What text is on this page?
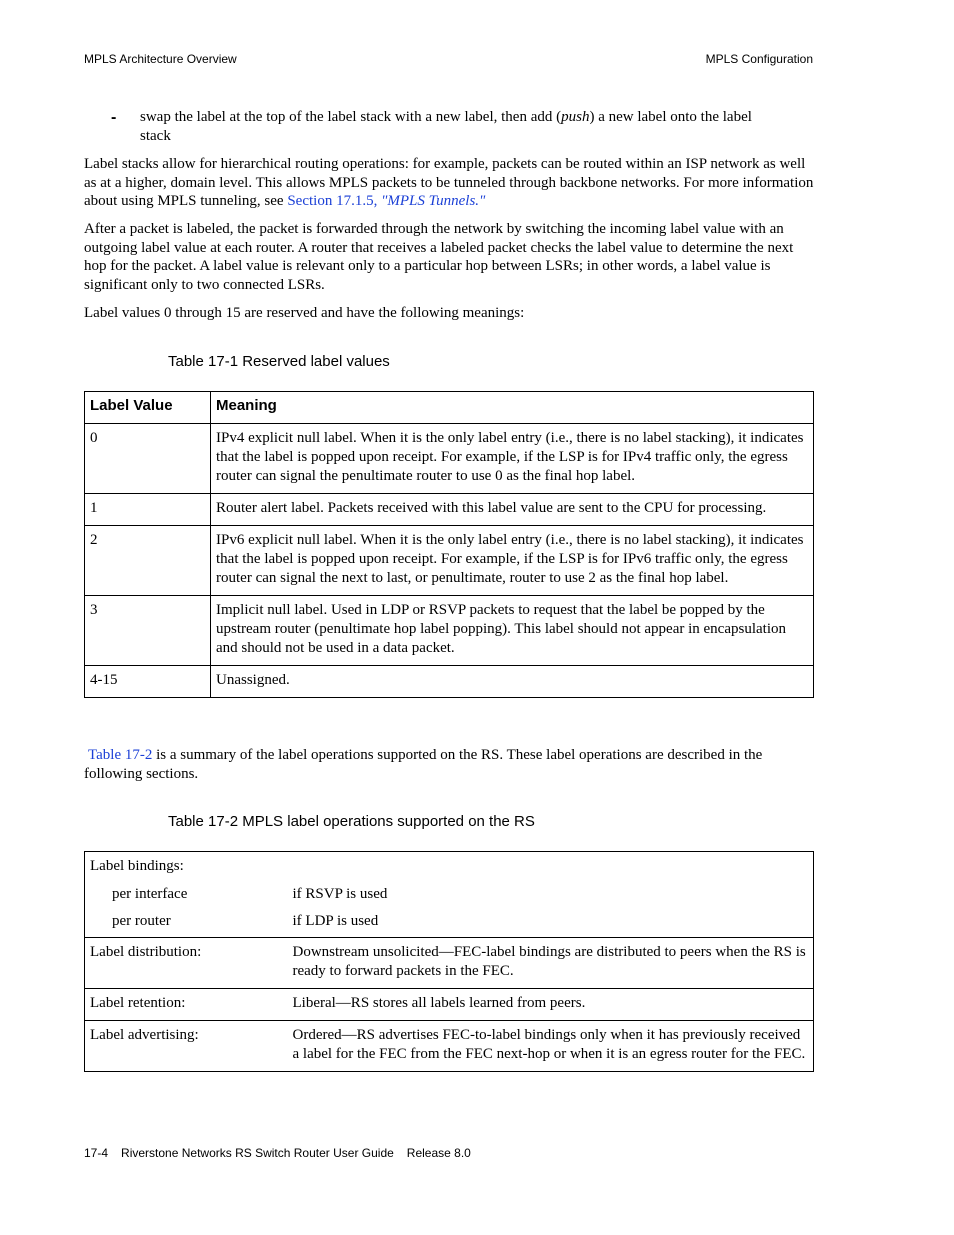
MPLS Architecture Overview	MPLS Configuration
- swap the label at the top of the label stack with a new label, then add (push) a new label onto the label stack
Label stacks allow for hierarchical routing operations: for example, packets can be routed within an ISP network as well as at a higher, domain level. This allows MPLS packets to be tunneled through backbone networks. For more information about using MPLS tunneling, see Section 17.1.5, "MPLS Tunnels."
After a packet is labeled, the packet is forwarded through the network by switching the incoming label value with an outgoing label value at each router. A router that receives a labeled packet checks the label value to determine the next hop for the packet. A label value is relevant only to a particular hop between LSRs; in other words, a label value is significant only to two connected LSRs.
Label values 0 through 15 are reserved and have the following meanings:
Table 17-1 Reserved label values
Label Value	Meaning
0	IPv4 explicit null label. When it is the only label entry (i.e., there is no label stacking), it indicates that the label is popped upon receipt. For example, if the LSP is for IPv4 traffic only, the egress router can signal the penultimate router to use 0 as the final hop label.
1	Router alert label. Packets received with this label value are sent to the CPU for processing.
2	IPv6 explicit null label. When it is the only label entry (i.e., there is no label stacking), it indicates that the label is popped upon receipt. For example, if the LSP is for IPv6 traffic only, the egress router can signal the next to last, or penultimate, router to use 2 as the final hop label.
3	Implicit null label. Used in LDP or RSVP packets to request that the label be popped by the upstream router (penultimate hop label popping). This label should not appear in encapsulation and should not be used in a data packet.
4-15	Unassigned.
Table 17-2 is a summary of the label operations supported on the RS. These label operations are described in the following sections.
Table 17-2 MPLS label operations supported on the RS
Label bindings:	
per interface	if RSVP is used
per router	if LDP is used
Label distribution:	Downstream unsolicited—FEC-label bindings are distributed to peers when the RS is ready to forward packets in the FEC.
Label retention:	Liberal—RS stores all labels learned from peers.
Label advertising:	Ordered—RS advertises FEC-to-label bindings only when it has previously received a label for the FEC from the FEC next-hop or when it is an egress router for the FEC.
17-4 Riverstone Networks RS Switch Router User Guide Release 8.0
